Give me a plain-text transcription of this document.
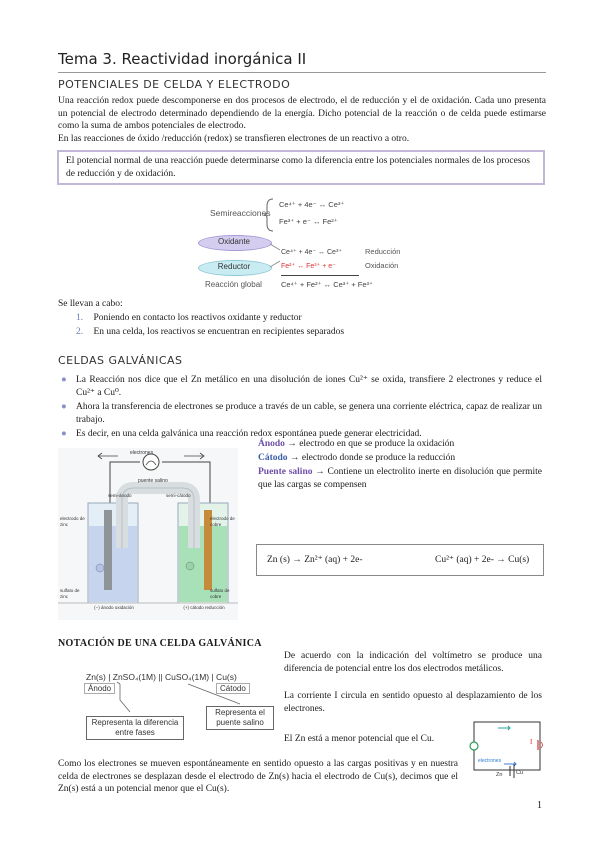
Tema 3. Reactividad inorgánica II
POTENCIALES DE CELDA Y ELECTRODO
Una reacción redox puede descomponerse en dos procesos de electrodo, el de reducción y el de oxidación. Cada uno presenta un potencial de electrodo determinado dependiendo de la energía. Dicho potencial de la reacción o de celda puede estimarse como la suma de ambos potenciales de electrodo.
En las reacciones de óxido /reducción (redox) se transfieren electrones de un reactivo a otro.
El potencial normal de una reacción puede determinarse como la diferencia entre los potenciales normales de los procesos de reducción y de oxidación.
Semireacciones
Ce⁴⁺ + 4e⁻ ↔ Ce³⁺
Fe³⁺ + e⁻ ↔ Fe²⁺
Oxidante
Reductor
Ce⁴⁺ + 4e⁻ ↔ Ce³⁺
Fe²⁺ ↔ Fe³⁺ + e⁻
Reducción
Oxidación
Reacción global	Ce⁴⁺ + Fe²⁺ ↔ Ce³⁺ + Fe³⁺
Se llevan a cabo:
1. Poniendo en contacto los reactivos oxidante y reductor
2. En una celda, los reactivos se encuentran en recipientes separados
CELDAS GALVÁNICAS
● La Reacción nos dice que el Zn metálico en una disolución de iones Cu²⁺ se oxida, transfiere 2 electrones y reduce el Cu²⁺ a Cu⁰.
● Ahora la transferencia de electrones se produce a través de un cable, se genera una corriente eléctrica, capaz de realizar un trabajo.
● Es decir, en una celda galvánica una reacción redox espontánea puede generar electricidad.
electrones
puente salino
semi-ánodo	semi-cátodo
electrodo de zinc
electrodo de cobre
sulfato de zinc
sulfato de cobre
(−) ánodo oxidación	(+) cátodo reducción
Ánodo → electrodo en que se produce la oxidación
Cátodo → electrodo donde se produce la reducción
Puente salino → Contiene un electrolito inerte en disolución que permite que las cargas se compensen
Zn (s) → Zn²⁺ (aq) + 2e-	Cu²⁺ (aq) + 2e- → Cu(s)
NOTACIÓN DE UNA CELDA GALVÁNICA
Zn(s) | ZnSO₄(1M) || CuSO₄(1M) | Cu(s)
Ánodo	Cátodo
Representa la diferencia entre fases
Representa el puente salino
De acuerdo con la indicación del voltímetro se produce una diferencia de potencial entre los dos electrodos metálicos.
La corriente I circula en sentido opuesto al desplazamiento de los electrones.
El Zn está a menor potencial que el Cu.
electrones
Zn Cu
I
Como los electrones se mueven espontáneamente en sentido opuesto a las cargas positivas y en nuestra celda de electrones se desplazan desde el electrodo de Zn(s) hacia el electrodo de Cu(s), decimos que el Zn(s) está a un potencial menor que el Cu(s).
1
